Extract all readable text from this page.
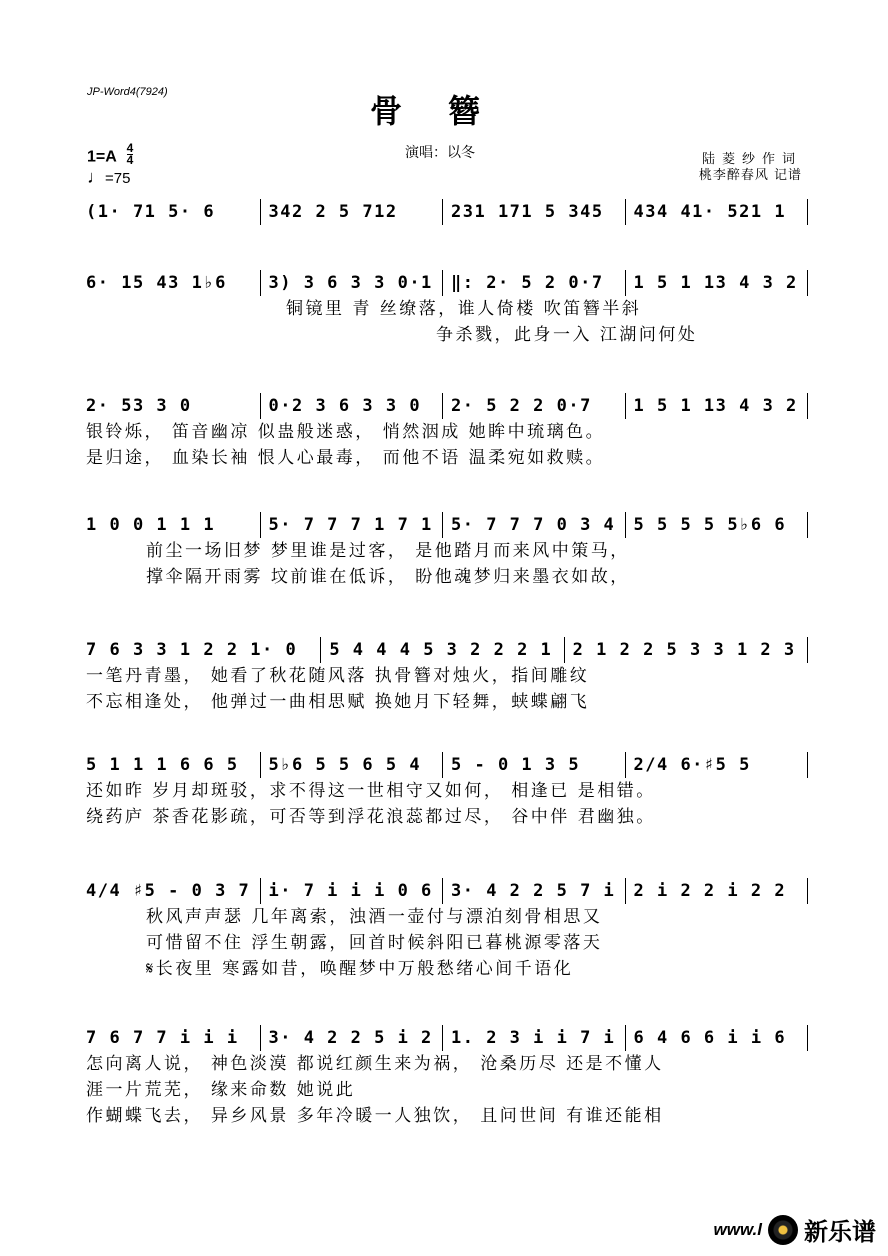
JP-Word4(7924)	骨簪
$1=A \frac{4}{4}$
♩=75
演唱：以冬	陆菱纱作词
桃李醉春风 记谱
(1· 71 5· 6	342 2 5 712	231 171 5 345	434 41· 521 1
6· 15 43 1♭6	3) 3 6 3 3 0·1	‖: 2· 5 2 0·7	1 5 1 13 4 3 2
铜镜里 青 丝缭落，谁人倚楼 吹笛簪半斜
争杀戮，此身一入 江湖问何处
2· 53 3 0	0·2 3 6 3 3 0	2· 5 2 2 0·7	1 5 1 13 4 3 2
银铃烁， 笛音幽凉 似蛊般迷惑， 悄然洇成 她眸中琉璃色。
是归途， 血染长袖 恨人心最毒， 而他不语 温柔宛如救赎。
1 0 0 1 1 1	5· 7 7 7 1 7 1	5· 7 7 7 0 3 4	5 5 5 5 5♭6 6
前尘一场旧梦 梦里谁是过客， 是他踏月而来风中策马，
撑伞隔开雨雾 坟前谁在低诉， 盼他魂梦归来墨衣如故，
7 6 3 3 1 2 2 1· 0	5 4 4 4 5 3 2 2 2 1	2 1 2 2 5 3 3 1 2 3
一笔丹青墨， 她看了秋花随风落 执骨簪对烛火，指间雕纹
不忘相逢处， 他弹过一曲相思赋 换她月下轻舞，蛱蝶翩飞
5 1 1 1 6 6 5	5♭6 5 5 6 5 4	5 - 0 1 3 5	2/4 6·♯5 5
还如昨 岁月却斑驳，求不得这一世相守又如何， 相逢已 是相错。
绕药庐 茶香花影疏，可否等到浮花浪蕊都过尽， 谷中伴 君幽独。
4/4 ♯5 - 0 3 7	i· 7 i i i 0 6	3· 4 2 2 5 7 i	2 i 2 2 i 2 2
秋风声声瑟 几年离索，浊酒一壶付与漂泊刻骨相思又
可惜留不住 浮生朝露，回首时候斜阳已暮桃源零落天
𝄋长夜里 寒露如昔，唤醒梦中万般愁绪心间千语化
7 6 7 7 i i i	3· 4 2 2 5 i 2	1. 2 3 i i 7 i	6 4 6 6 i i 6
怎向离人说， 神色淡漠 都说红颜生来为祸， 沧桑历尽 还是不懂人
涯一片荒芜， 缘来命数 她说此
作蝴蝶飞去， 异乡风景 多年冷暖一人独饮， 且问世间 有谁还能相
www.l 新乐谱
